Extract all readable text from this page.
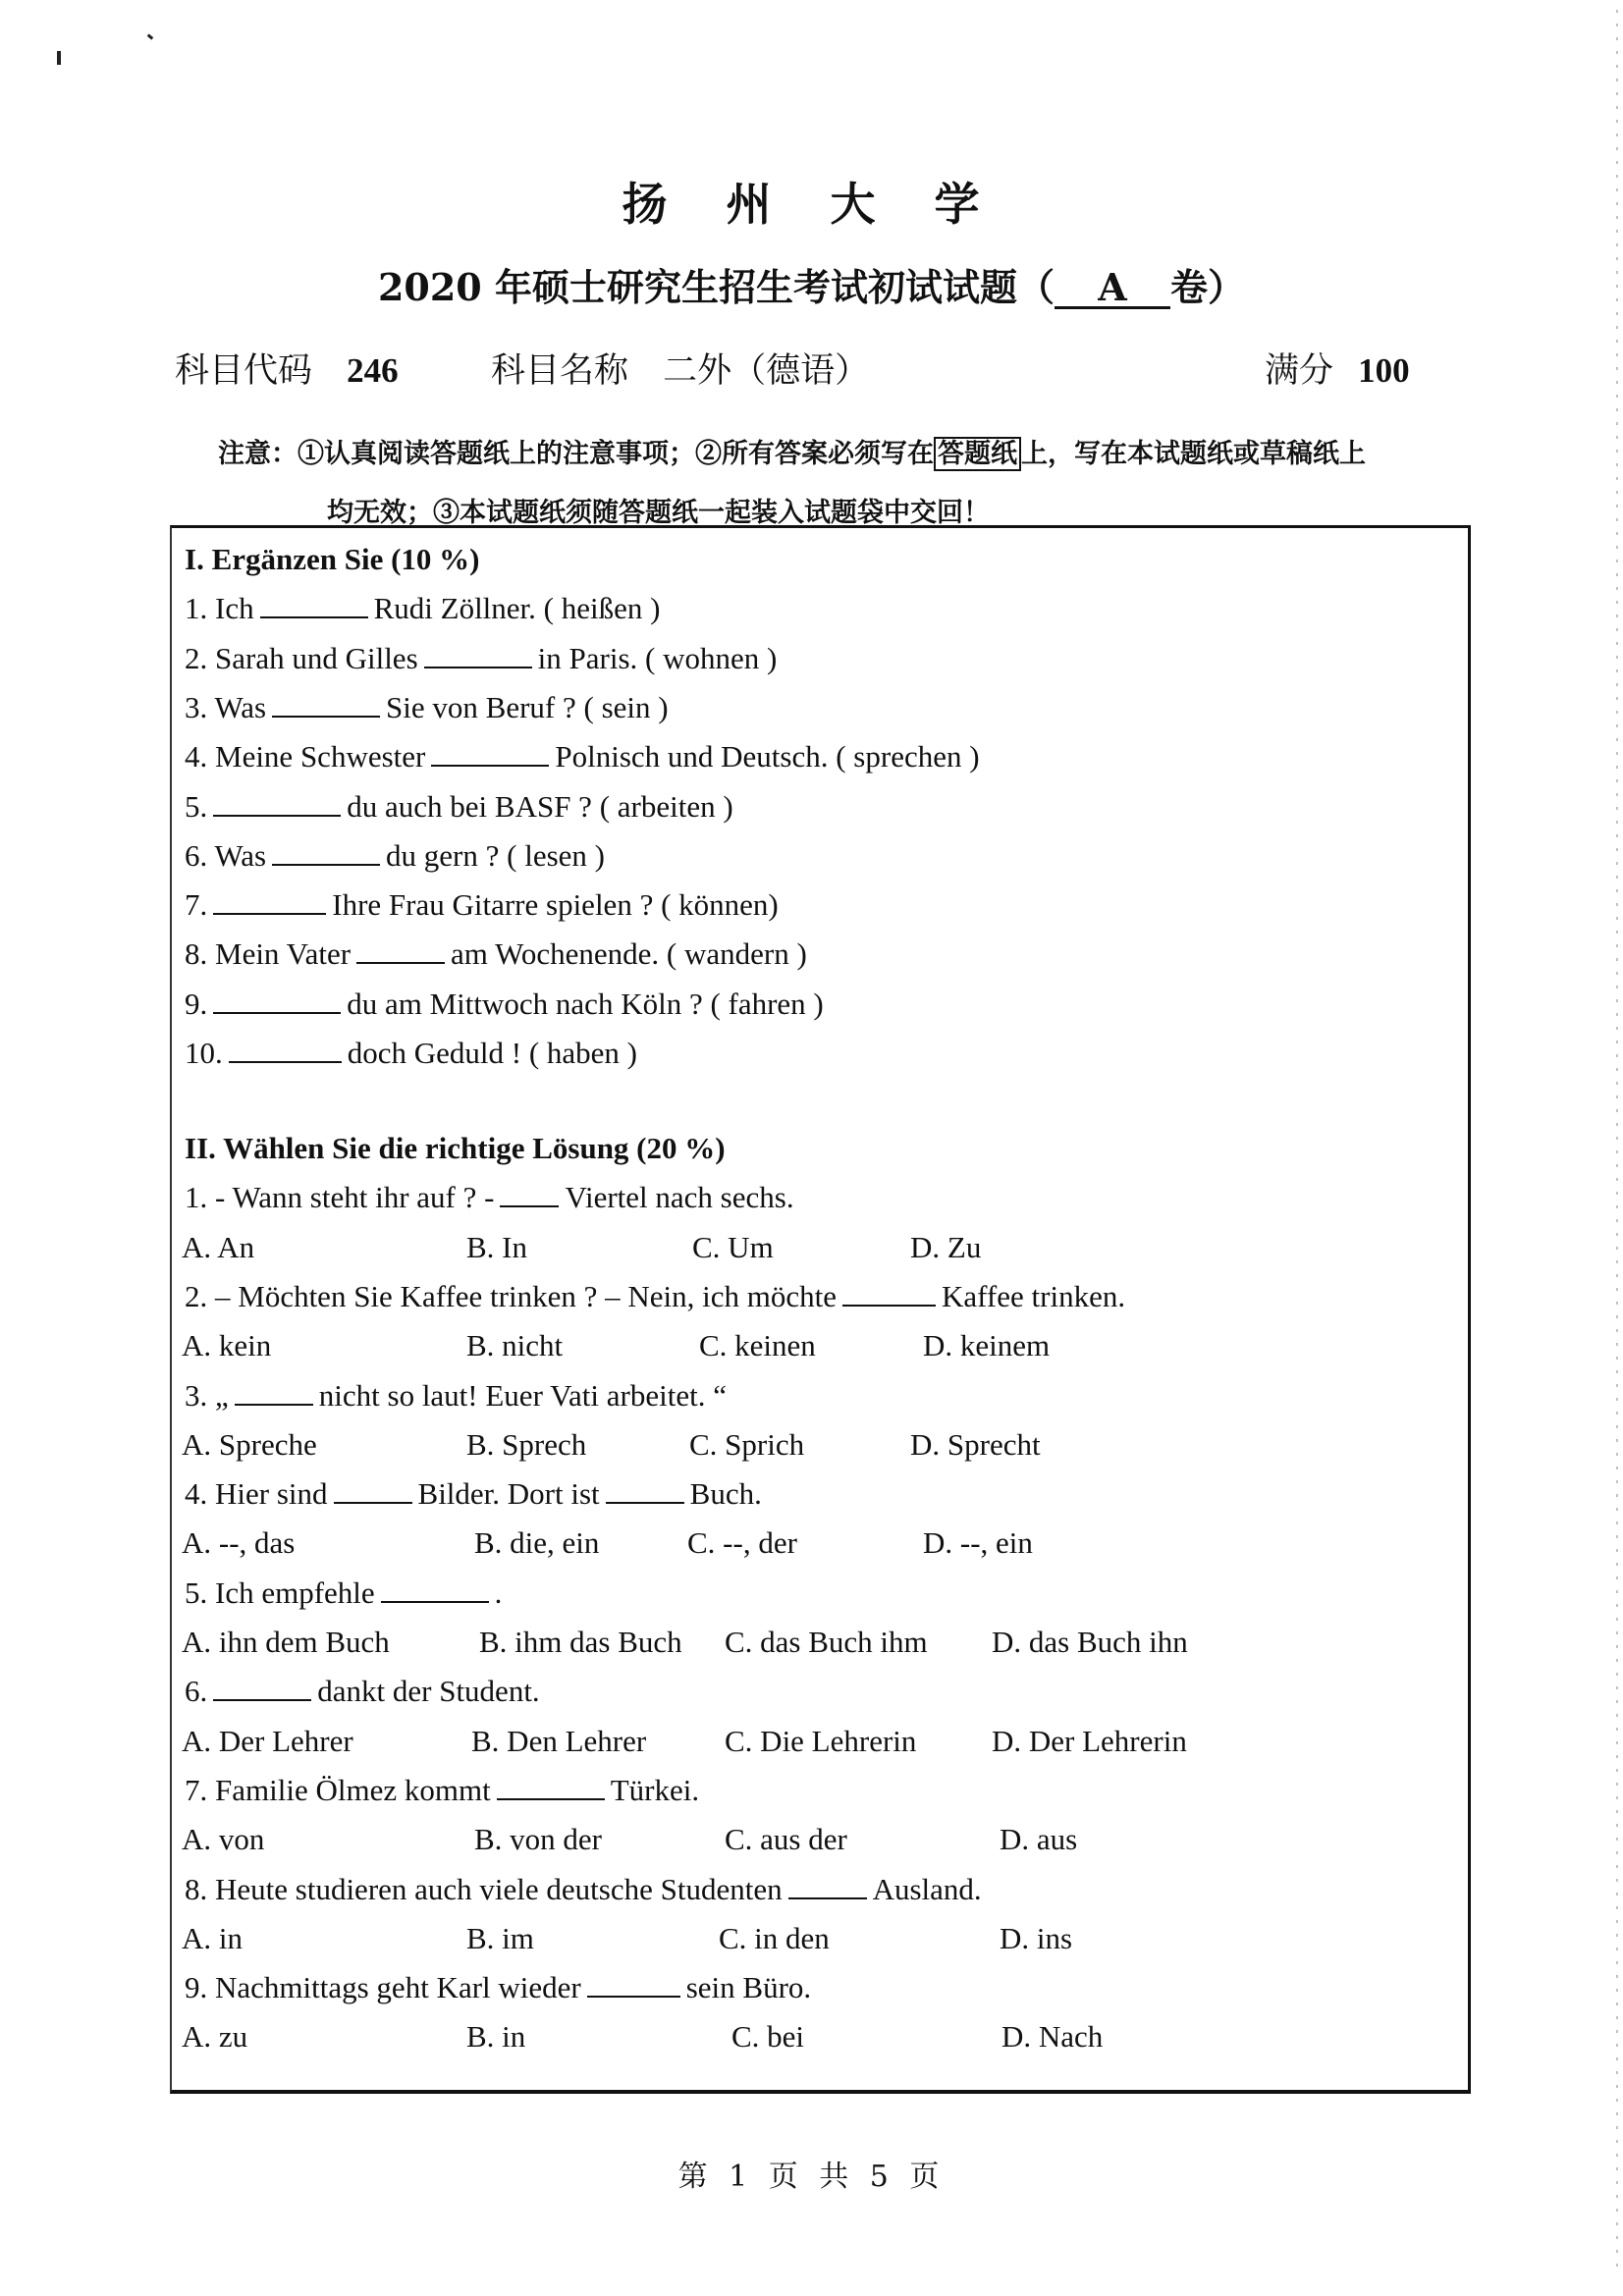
扬 州 大 学
2020 年硕士研究生招生考试初试试题（ A 卷）
科目代码 246	科目名称 二外（德语）	满分 100
注意：①认真阅读答题纸上的注意事项；②所有答案必须写在 答题纸 上，写在本试题纸或草稿纸上
均无效；③本试题纸须随答题纸一起装入试题袋中交回！
I. Ergänzen Sie (10 %)
1. Ich	Rudi Zöllner. ( heißen )
2. Sarah und Gilles	in Paris. ( wohnen )
3. Was	Sie von Beruf ? ( sein )
4. Meine Schwester	Polnisch und Deutsch. ( sprechen )
5.	du auch bei BASF ? ( arbeiten )
6. Was	du gern ? ( lesen )
7.	Ihre Frau Gitarre spielen ? ( können)
8. Mein Vater	am Wochenende. ( wandern )
9.	du am Mittwoch nach Köln ? ( fahren )
10.	doch Geduld ! ( haben )
II. Wählen Sie die richtige Lösung (20 %)
1. - Wann steht ihr auf ? - Viertel nach sechs.
A. An	B. In	C. Um	D. Zu
2. – Möchten Sie Kaffee trinken ? – Nein, ich möchte	Kaffee trinken.
A. kein	B. nicht	C. keinen	D. keinem
3. „	nicht so laut! Euer Vati arbeitet. “
A. Spreche	B. Sprech	C. Sprich	D. Sprecht
4. Hier sind	Bilder. Dort ist	Buch.
A. --, das	B. die, ein	C. --, der	D. --, ein
5. Ich empfehle	.
A. ihn dem Buch	B. ihm das Buch C. das Buch ihm D. das Buch ihn
6.	dankt der Student.
A. Der Lehrer	B. Den Lehrer	C. Die Lehrerin D. Der Lehrerin
7. Familie Ölmez kommt	Türkei.
A. von	B. von der	C. aus der	D. aus
8. Heute studieren auch viele deutsche Studenten	Ausland.
A. in	B. im	C. in den	D. ins
9. Nachmittags geht Karl wieder	sein Büro.
A. zu	B. in	C. bei	D. Nach
第 1 页 共 5 页
